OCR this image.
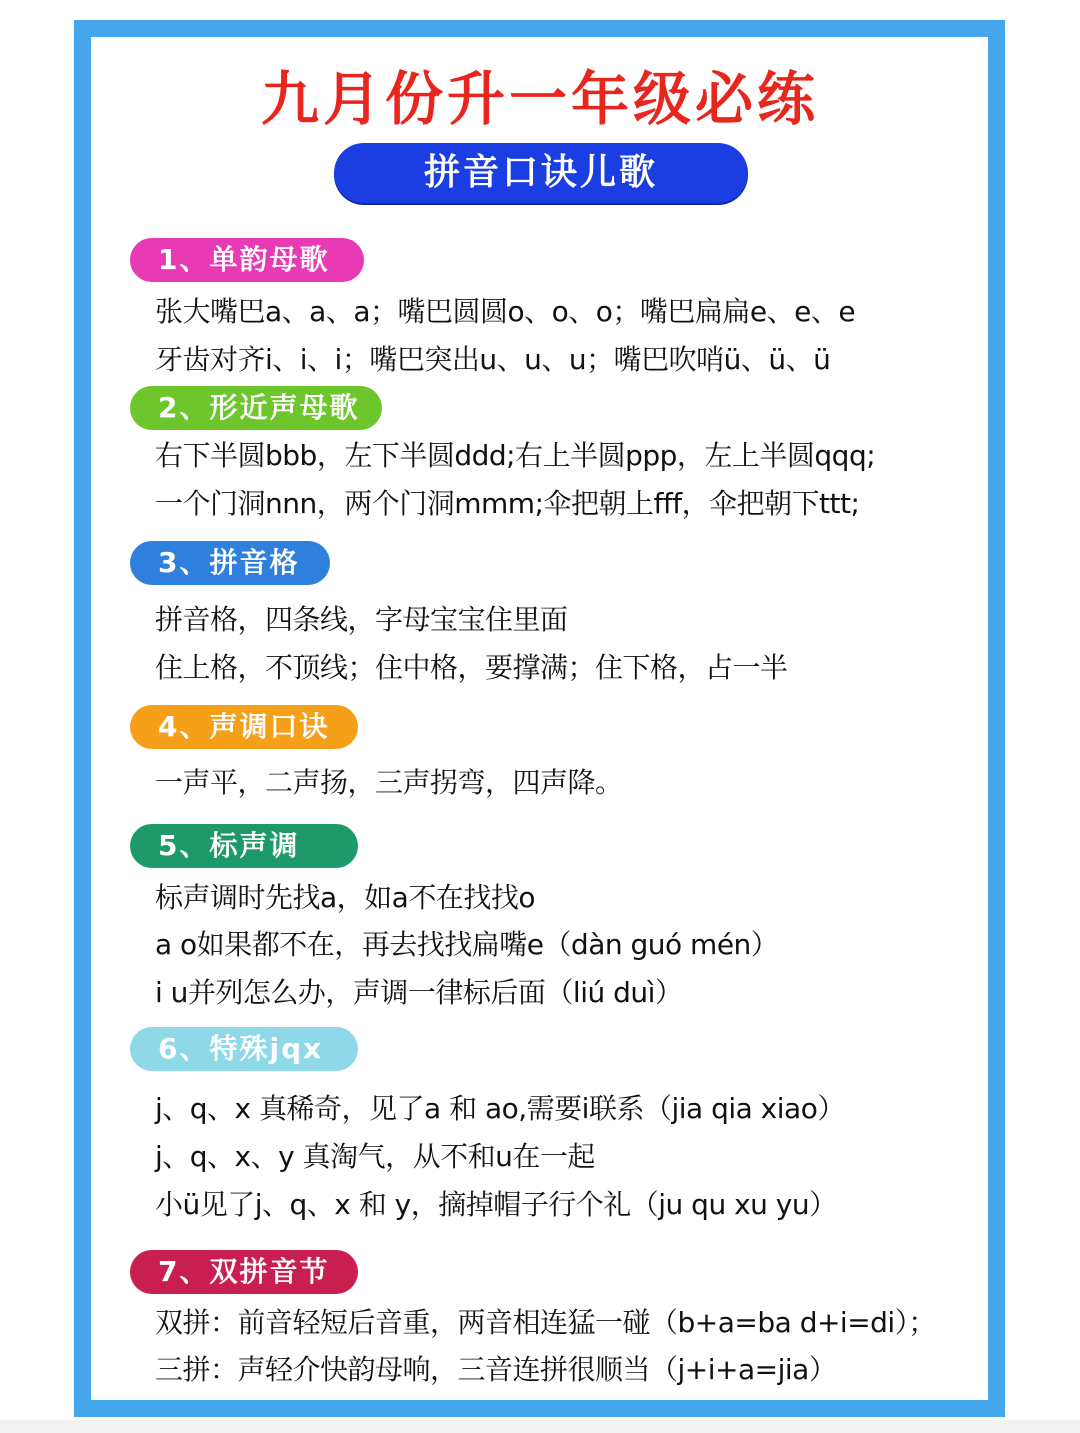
九月份升一年级必练
拼音口诀儿歌
1、单韵母歌
张大嘴巴a、a、a；嘴巴圆圆o、o、o；嘴巴扁扁e、e、e
牙齿对齐i、i、i；嘴巴突出u、u、u；嘴巴吹哨ü、ü、ü
2、形近声母歌
右下半圆bbb，左下半圆ddd;右上半圆ppp，左上半圆qqq;
一个门洞nnn，两个门洞mmm;伞把朝上fff，伞把朝下ttt;
3、拼音格
拼音格，四条线，字母宝宝住里面
住上格，不顶线；住中格，要撑满；住下格，占一半
4、声调口诀
一声平，二声扬，三声拐弯，四声降。
5、标声调
标声调时先找a，如a不在找找o
a o如果都不在，再去找找扁嘴e（dàn guó mén）
i u并列怎么办，声调一律标后面（liú duì）
6、特殊jqx
j、q、x 真稀奇，见了a 和 ao,需要i联系（jia qia xiao）
j、q、x、y 真淘气，从不和u在一起
小ü见了j、q、x 和 y，摘掉帽子行个礼（ju qu xu yu）
7、双拼音节
双拼：前音轻短后音重，两音相连猛一碰（b+a=ba d+i=di）；
三拼：声轻介快韵母响，三音连拼很顺当（j+i+a=jia）
